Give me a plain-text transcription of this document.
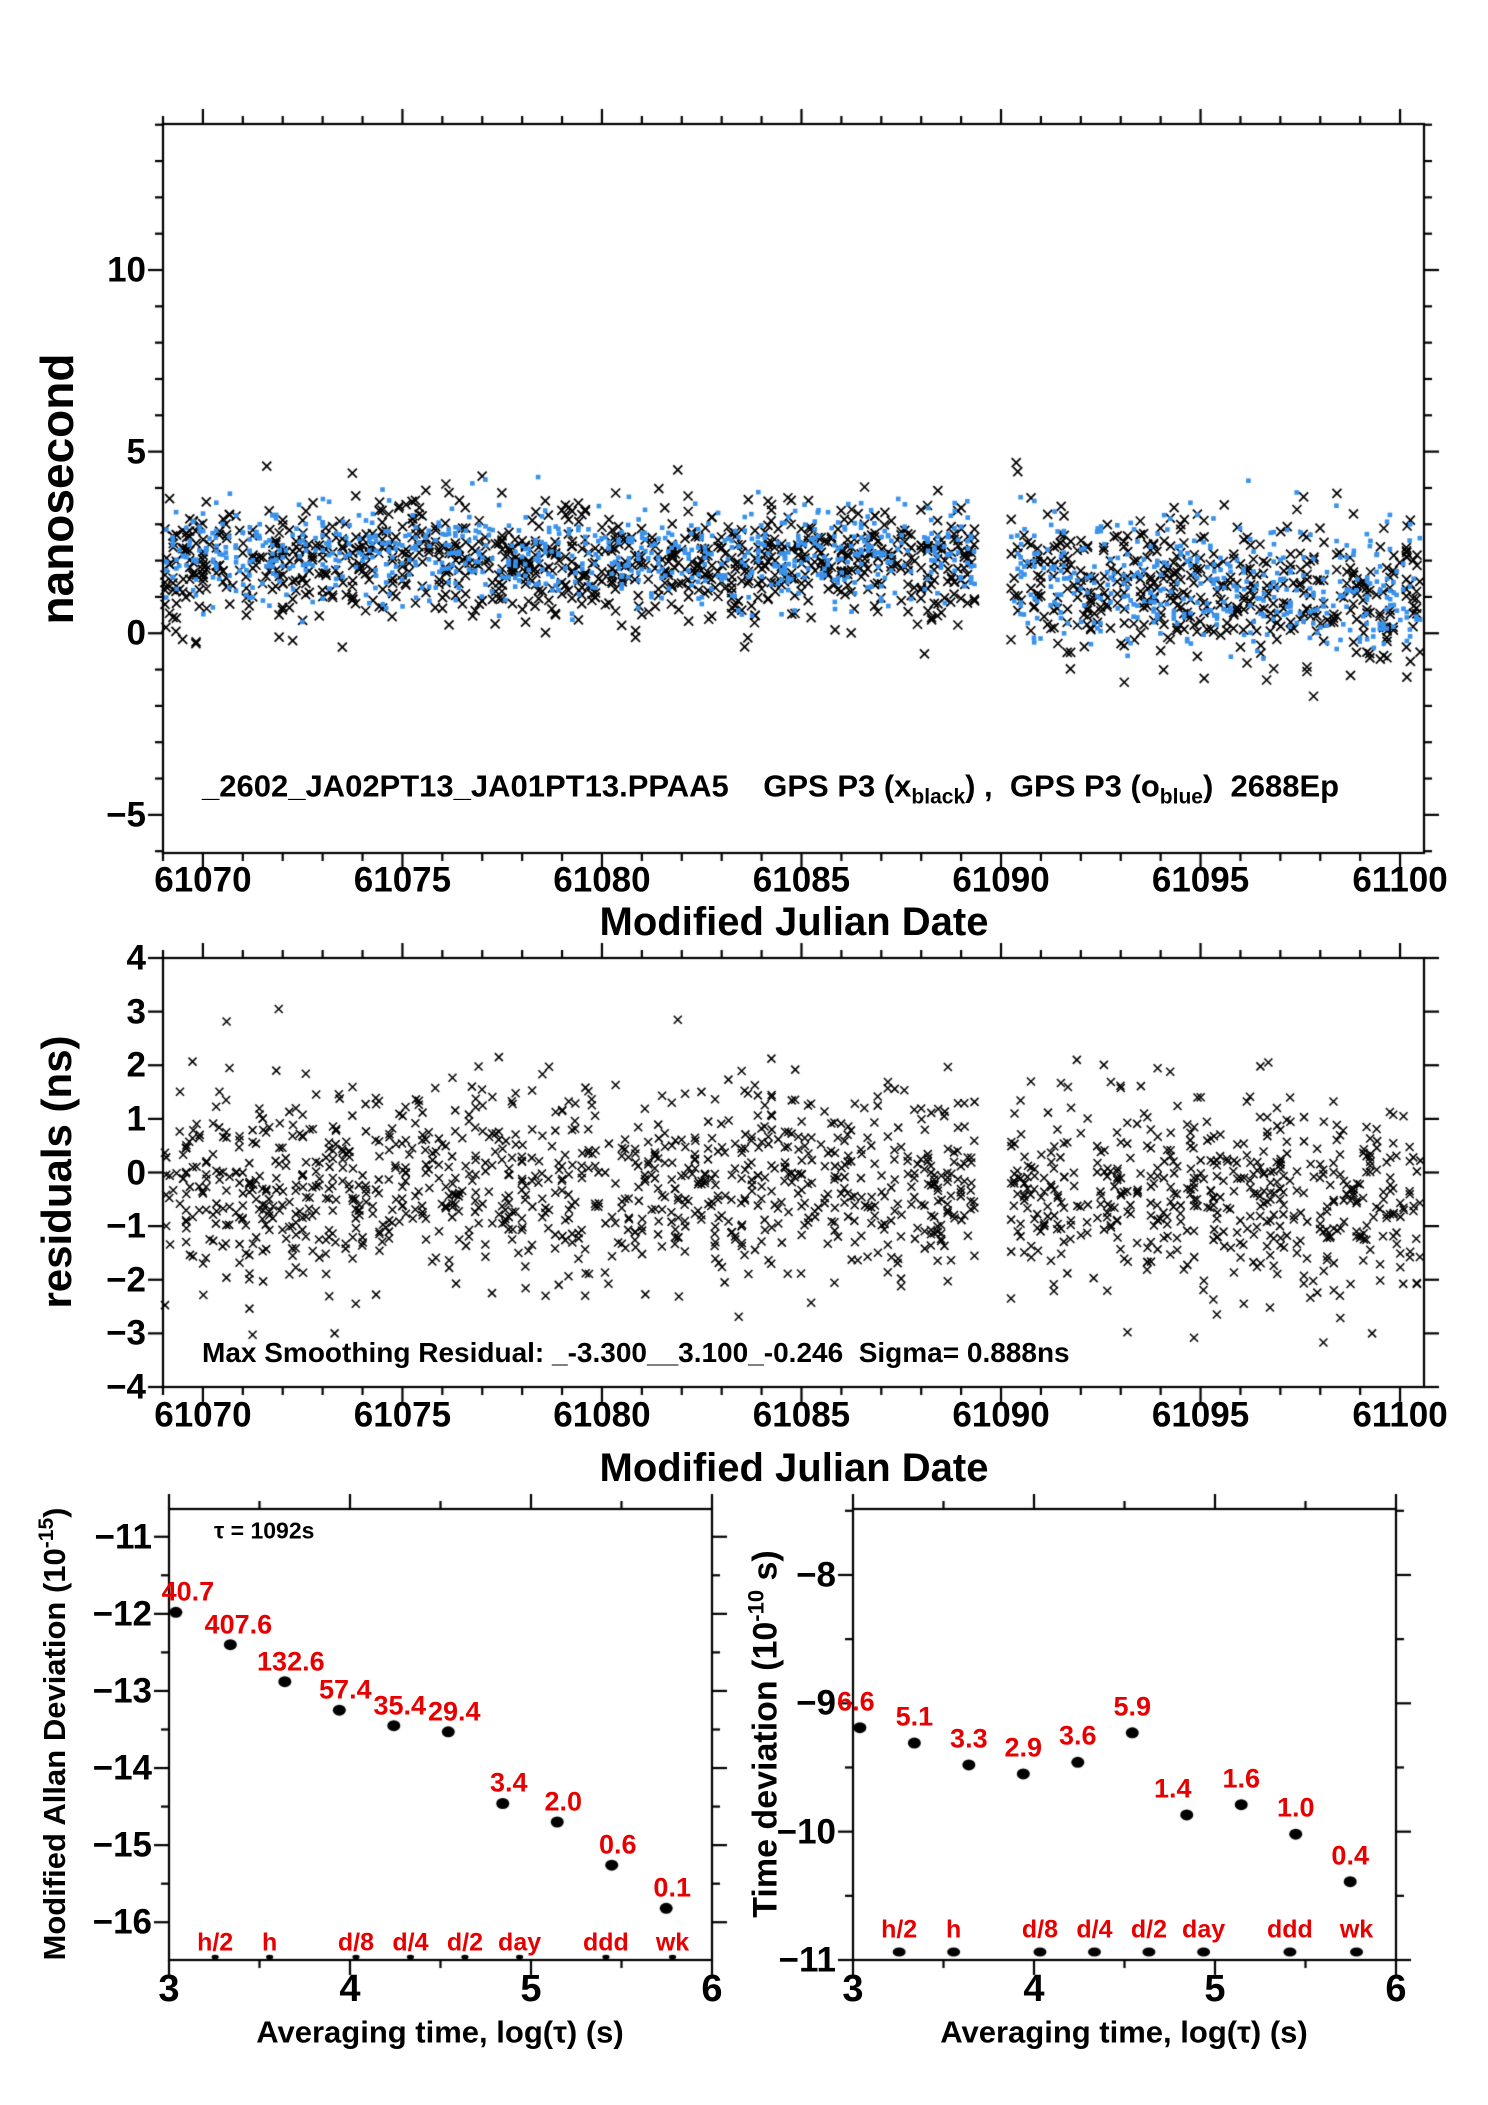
_2602_JA02PT13_JA01PT13.PPAA5 GPS P3 $(x_{black})$ ,  GPS P3 $(o_{blue})$  2688Ep
nanosecond
Modified Julian Date
Max Smoothing Residual: _-3.300__3.100_-0.246  Sigma= 0.888ns
residuals (ns)
Modified Julian Date
τ = 1092s
Modified Allan Deviation $(10^{-15})$
Averaging time, log(τ) (s)
Time deviation ($10^{-10}$ s)
Averaging time, log(τ) (s)
61070	61075	61080	61085	61090	61095	61100
−5
0
5
10
61070	61075	61080	61085	61090	61095	61100
4
3
2
1
0
−1
−2
−3
−4
3	4	5	6
−11
−12
−13
−14
−15
−16
3	4	5	6
−8
−9
−10
−11
40.7
407.6
132.6
57.4
35.4 29.4
3.4
2.0
0.6
0.1
h/2 h d/8 d/4 d/2 day ddd wk
6.6
5.1
3.3 2.9 3.6
5.9
1.4 1.6
1.0
0.4
h/2 h d/8 d/4 d/2 day ddd wk
